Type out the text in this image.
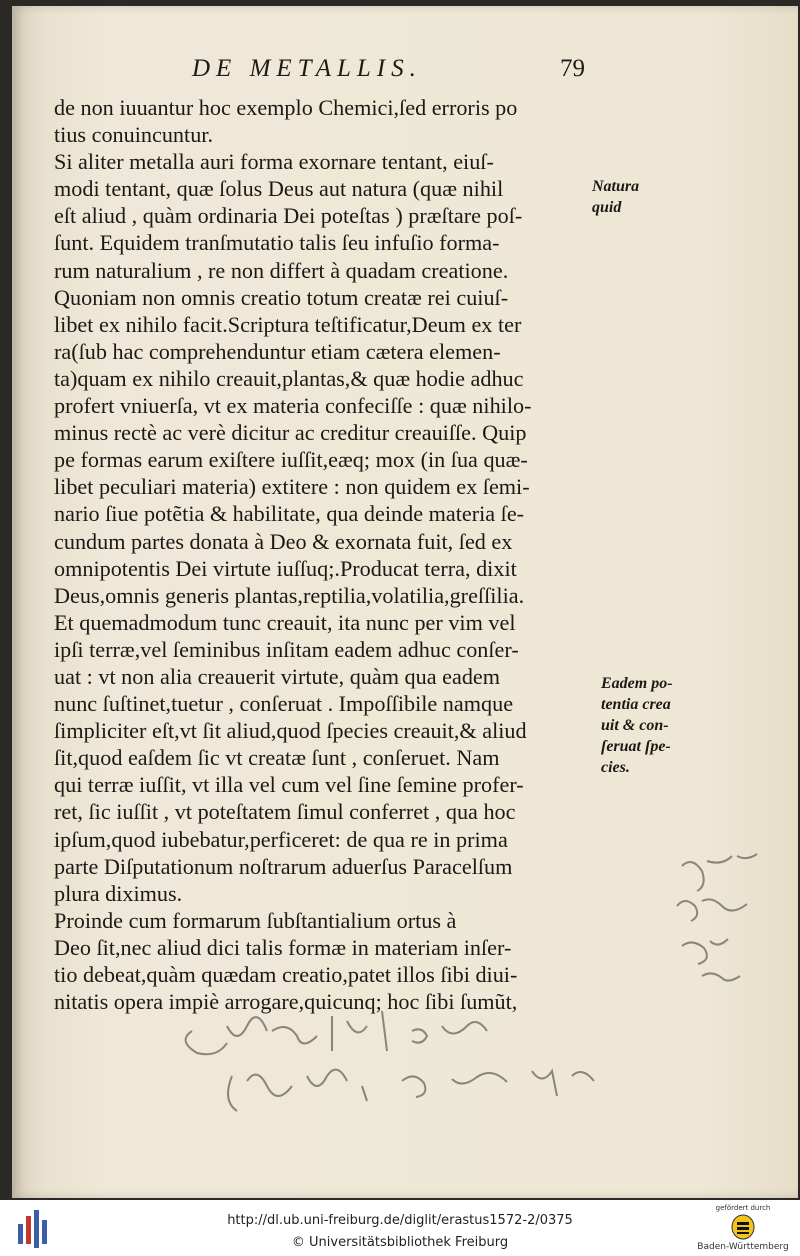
DE METALLIS.	79
de non iuuantur hoc exemplo Chemici,ſed erroris po
tius conuincuntur.
Si aliter metalla auri forma exornare tentant, eiuſ-
modi tentant, quæ ſolus Deus aut natura (quæ nihil
eſt aliud , quàm ordinaria Dei poteſtas ) præſtare poſ-
ſunt. Equidem tranſmutatio talis ſeu infuſio forma-
rum naturalium , re non differt à quadam creatione.
Quoniam non omnis creatio totum creatæ rei cuiuſ-
libet ex nihilo facit.Scriptura teſtificatur,Deum ex ter
ra(ſub hac comprehenduntur etiam cætera elemen-
ta)quam ex nihilo creauit,plantas,& quæ hodie adhuc
profert vniuerſa, vt ex materia confeciſſe : quæ nihilo-
minus rectè ac verè dicitur ac creditur creauiſſe. Quip
pe formas earum exiſtere iuſſit,eæq; mox (in ſua quæ-
libet peculiari materia) extitere : non quidem ex ſemi-
nario ſiue potẽtia & habilitate, qua deinde materia ſe-
cundum partes donata à Deo & exornata fuit, ſed ex
omnipotentis Dei virtute iuſſuq;.Producat terra, dixit
Deus,omnis generis plantas,reptilia,volatilia,greſſilia.
Et quemadmodum tunc creauit, ita nunc per vim vel
ipſi terræ,vel ſeminibus inſitam eadem adhuc conſer-
uat : vt non alia creauerit virtute, quàm qua eadem
nunc ſuſtinet,tuetur , conſeruat . Impoſſibile namque
ſimpliciter eſt,vt ſit aliud,quod ſpecies creauit,& aliud
ſit,quod eaſdem ſic vt creatæ ſunt , conſeruet. Nam
qui terræ iuſſit, vt illa vel cum vel ſine ſemine profer-
ret, ſic iuſſit , vt poteſtatem ſimul conferret , qua hoc
ipſum,quod iubebatur,perficeret: de qua re in prima
parte Diſputationum noſtrarum aduerſus Paracelſum
plura diximus.
Proinde cum formarum ſubſtantialium ortus à
Deo ſit,nec aliud dici talis formæ in materiam inſer-
tio debeat,quàm quædam creatio,patet illos ſibi diui-
nitatis opera impiè arrogare,quicunq; hoc ſibi ſumũt,
Natura
quid
Eadem po-
tentia crea
uit & con-
ſeruat ſpe-
cies.
http://dl.ub.uni-freiburg.de/diglit/erastus1572-2/0375
© Universitätsbibliothek Freiburg
gefördert durch
Baden-Württemberg
